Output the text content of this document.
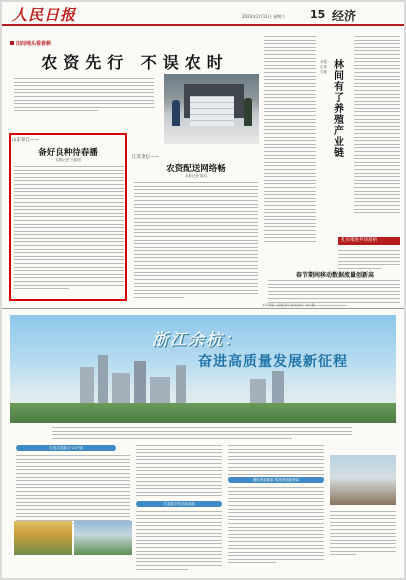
人民日报	2023年2月11日 星期六 15 经济
田间地头看春耕
农资先行 不误农时
山东章丘——
备好良种待春播
本报记者 王昭明	江苏金坛——
农资配送网络畅
本报记者 陈羽
本报记者 方敏
林间有了养殖产业链
扎实推进共同富裕
春节期间移动数据流量创新高
本版责编：吴刚 孙月 版式设计：刘大路
浙江余杭：
奋进高质量发展新征程
打造共富窗口“2.0”版
打造数字经济新高地
强化资源要素 构建发展新格局
